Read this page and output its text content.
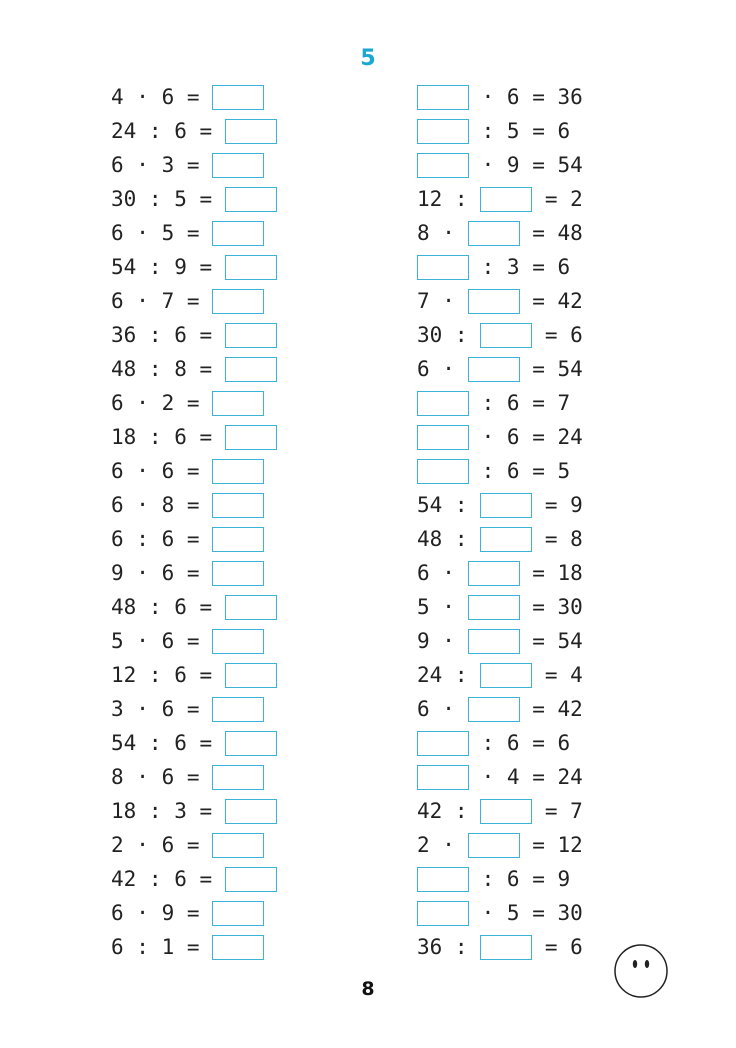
5
4 · 6 =
24 : 6 =
6 · 3 =
30 : 5 =
6 · 5 =
54 : 9 =
6 · 7 =
36 : 6 =
48 : 8 =
6 · 2 =
18 : 6 =
6 · 6 =
6 · 8 =
6 : 6 =
9 · 6 =
48 : 6 =
5 · 6 =
12 : 6 =
3 · 6 =
54 : 6 =
8 · 6 =
18 : 3 =
2 · 6 =
42 : 6 =
6 · 9 =
6 : 1 =
· 6 = 36
: 5 = 6
· 9 = 54
12 : = 2
8 · = 48
: 3 = 6
7 · = 42
30 : = 6
6 · = 54
: 6 = 7
· 6 = 24
: 6 = 5
54 : = 9
48 : = 8
6 · = 18
5 · = 30
9 · = 54
24 : = 4
6 · = 42
: 6 = 6
· 4 = 24
42 : = 7
2 · = 12
: 6 = 9
· 5 = 30
36 : = 6
8
